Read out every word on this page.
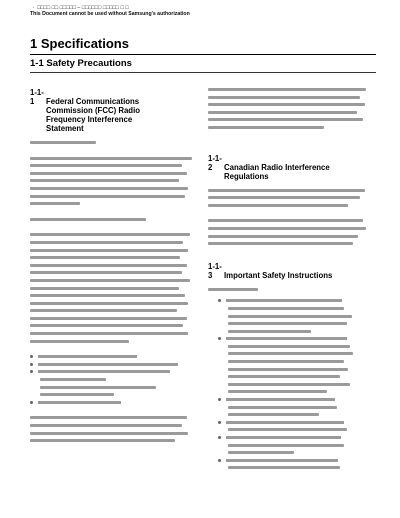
 · □□□□ □□ □□□□□ – □□□□□□ □□□□□ □ □
This Document cannot be used without Samsung's authorization
1 Specifications
1-1 Safety Precautions

1-1-1 Federal Communications
Commission (FCC) Radio
Frequency Interference
Statement

1-1-2 Canadian Radio Interference
Regulations

1-1-3 Important Safety Instructions
